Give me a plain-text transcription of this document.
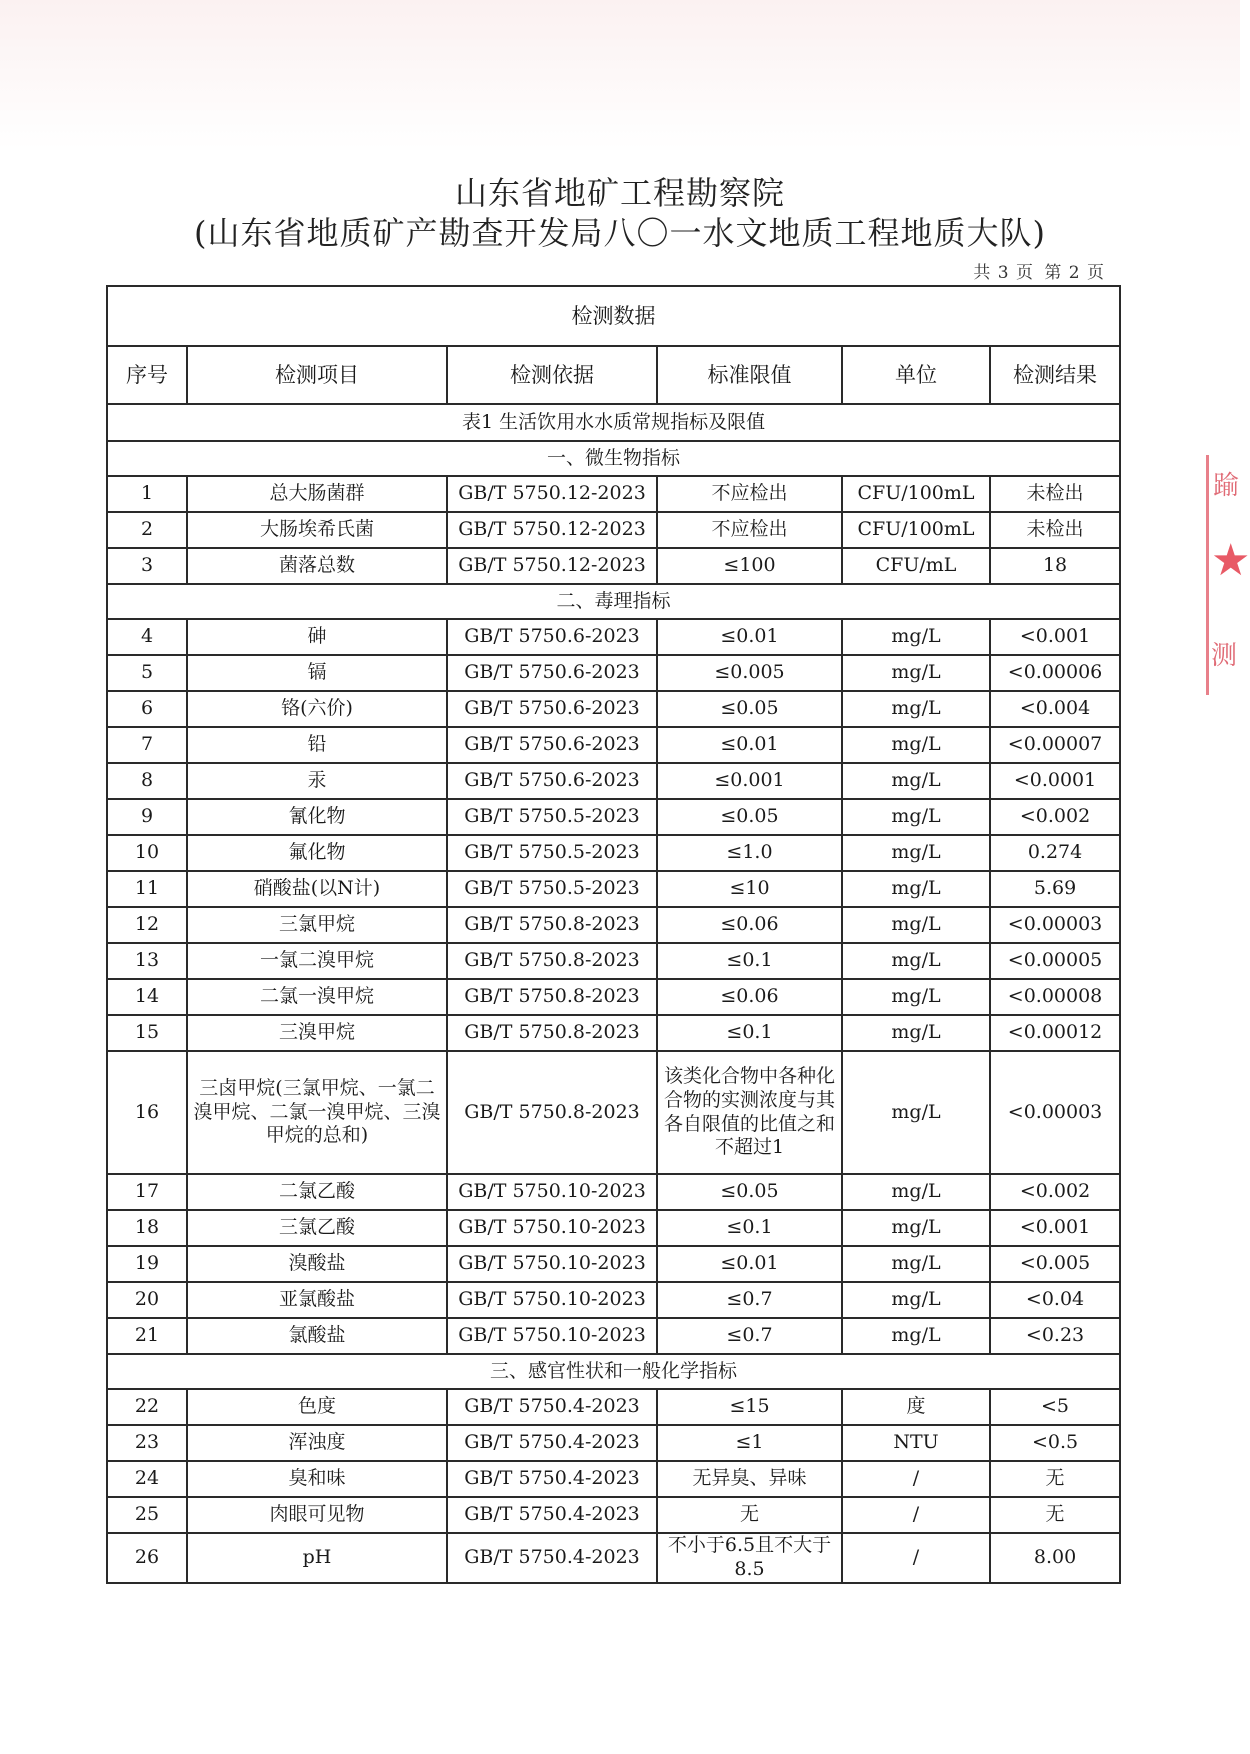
山东省地矿工程勘察院
(山东省地质矿产勘查开发局八〇一水文地质工程地质大队)
共 3 页 第 2 页
检测数据					
序号	检测项目	检测依据	标准限值	单位	检测结果
表1 生活饮用水水质常规指标及限值					
一、微生物指标					
1	总大肠菌群	GB/T 5750.12-2023	不应检出	CFU/100mL	未检出
2	大肠埃希氏菌	GB/T 5750.12-2023	不应检出	CFU/100mL	未检出
3	菌落总数	GB/T 5750.12-2023	≤100	CFU/mL	18
二、毒理指标					
4	砷	GB/T 5750.6-2023	≤0.01	mg/L	<0.001
5	镉	GB/T 5750.6-2023	≤0.005	mg/L	<0.00006
6	铬(六价)	GB/T 5750.6-2023	≤0.05	mg/L	<0.004
7	铅	GB/T 5750.6-2023	≤0.01	mg/L	<0.00007
8	汞	GB/T 5750.6-2023	≤0.001	mg/L	<0.0001
9	氰化物	GB/T 5750.5-2023	≤0.05	mg/L	<0.002
10	氟化物	GB/T 5750.5-2023	≤1.0	mg/L	0.274
11	硝酸盐(以N计)	GB/T 5750.5-2023	≤10	mg/L	5.69
12	三氯甲烷	GB/T 5750.8-2023	≤0.06	mg/L	<0.00003
13	一氯二溴甲烷	GB/T 5750.8-2023	≤0.1	mg/L	<0.00005
14	二氯一溴甲烷	GB/T 5750.8-2023	≤0.06	mg/L	<0.00008
15	三溴甲烷	GB/T 5750.8-2023	≤0.1	mg/L	<0.00012
16	三卤甲烷(三氯甲烷、一氯二溴甲烷、二氯一溴甲烷、三溴甲烷的总和)	GB/T 5750.8-2023	该类化合物中各种化合物的实测浓度与其各自限值的比值之和不超过1	mg/L	<0.00003
17	二氯乙酸	GB/T 5750.10-2023	≤0.05	mg/L	<0.002
18	三氯乙酸	GB/T 5750.10-2023	≤0.1	mg/L	<0.001
19	溴酸盐	GB/T 5750.10-2023	≤0.01	mg/L	<0.005
20	亚氯酸盐	GB/T 5750.10-2023	≤0.7	mg/L	<0.04
21	氯酸盐	GB/T 5750.10-2023	≤0.7	mg/L	<0.23
三、感官性状和一般化学指标					
22	色度	GB/T 5750.4-2023	≤15	度	<5
23	浑浊度	GB/T 5750.4-2023	≤1	NTU	<0.5
24	臭和味	GB/T 5750.4-2023	无异臭、异味	/	无
25	肉眼可见物	GB/T 5750.4-2023	无	/	无
26	pH	GB/T 5750.4-2023	不小于6.5且不大于8.5	/	8.00
踰
★
测
